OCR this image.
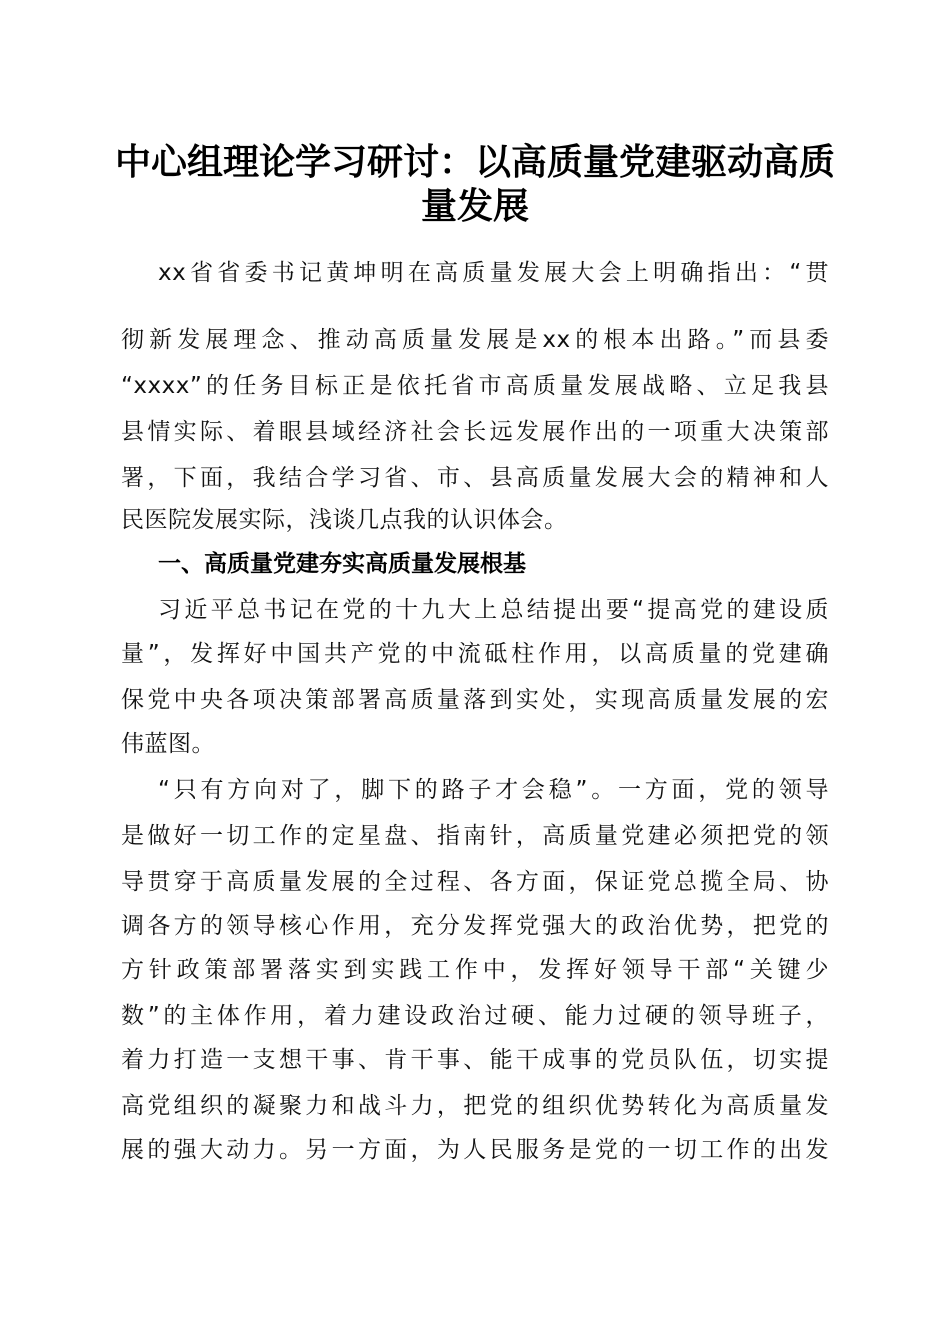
中心组理论学习研讨：以高质量党建驱动高质
量发展
xx省省委书记黄坤明在高质量发展大会上明确指出：“贯
彻新发展理念、推动高质量发展是xx的根本出路。”而县委
“xxxx”的任务目标正是依托省市高质量发展战略、立足我县
县情实际、着眼县域经济社会长远发展作出的一项重大决策部
署，下面，我结合学习省、市、县高质量发展大会的精神和人
民医院发展实际，浅谈几点我的认识体会。
一、高质量党建夯实高质量发展根基
习近平总书记在党的十九大上总结提出要“提高党的建设质
量”，发挥好中国共产党的中流砥柱作用，以高质量的党建确
保党中央各项决策部署高质量落到实处，实现高质量发展的宏
伟蓝图。
“只有方向对了，脚下的路子才会稳”。一方面，党的领导
是做好一切工作的定星盘、指南针，高质量党建必须把党的领
导贯穿于高质量发展的全过程、各方面，保证党总揽全局、协
调各方的领导核心作用，充分发挥党强大的政治优势，把党的
方针政策部署落实到实践工作中，发挥好领导干部“关键少
数”的主体作用，着力建设政治过硬、能力过硬的领导班子，
着力打造一支想干事、肯干事、能干成事的党员队伍，切实提
高党组织的凝聚力和战斗力，把党的组织优势转化为高质量发
展的强大动力。另一方面，为人民服务是党的一切工作的出发
